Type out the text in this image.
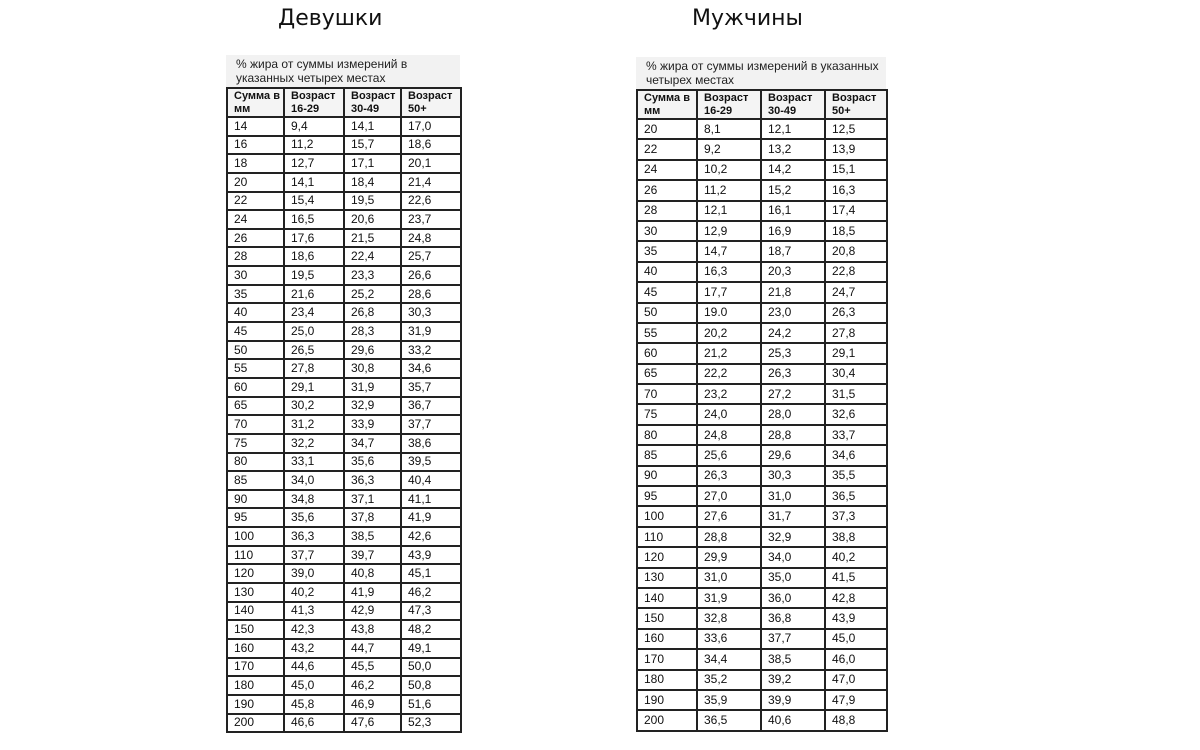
Девушки	Мужчины
% жира от суммы измерений в указанных четырех местах
Сумма в мм	Возраст 16-29	Возраст 30-49	Возраст 50+
14	9,4	14,1	17,0
16	11,2	15,7	18,6
18	12,7	17,1	20,1
20	14,1	18,4	21,4
22	15,4	19,5	22,6
24	16,5	20,6	23,7
26	17,6	21,5	24,8
28	18,6	22,4	25,7
30	19,5	23,3	26,6
35	21,6	25,2	28,6
40	23,4	26,8	30,3
45	25,0	28,3	31,9
50	26,5	29,6	33,2
55	27,8	30,8	34,6
60	29,1	31,9	35,7
65	30,2	32,9	36,7
70	31,2	33,9	37,7
75	32,2	34,7	38,6
80	33,1	35,6	39,5
85	34,0	36,3	40,4
90	34,8	37,1	41,1
95	35,6	37,8	41,9
100	36,3	38,5	42,6
110	37,7	39,7	43,9
120	39,0	40,8	45,1
130	40,2	41,9	46,2
140	41,3	42,9	47,3
150	42,3	43,8	48,2
160	43,2	44,7	49,1
170	44,6	45,5	50,0
180	45,0	46,2	50,8
190	45,8	46,9	51,6
200	46,6	47,6	52,3
% жира от суммы измерений в указанных четырех местах
Сумма в мм	Возраст 16-29	Возраст 30-49	Возраст 50+
20	8,1	12,1	12,5
22	9,2	13,2	13,9
24	10,2	14,2	15,1
26	11,2	15,2	16,3
28	12,1	16,1	17,4
30	12,9	16,9	18,5
35	14,7	18,7	20,8
40	16,3	20,3	22,8
45	17,7	21,8	24,7
50	19.0	23,0	26,3
55	20,2	24,2	27,8
60	21,2	25,3	29,1
65	22,2	26,3	30,4
70	23,2	27,2	31,5
75	24,0	28,0	32,6
80	24,8	28,8	33,7
85	25,6	29,6	34,6
90	26,3	30,3	35,5
95	27,0	31,0	36,5
100	27,6	31,7	37,3
110	28,8	32,9	38,8
120	29,9	34,0	40,2
130	31,0	35,0	41,5
140	31,9	36,0	42,8
150	32,8	36,8	43,9
160	33,6	37,7	45,0
170	34,4	38,5	46,0
180	35,2	39,2	47,0
190	35,9	39,9	47,9
200	36,5	40,6	48,8
